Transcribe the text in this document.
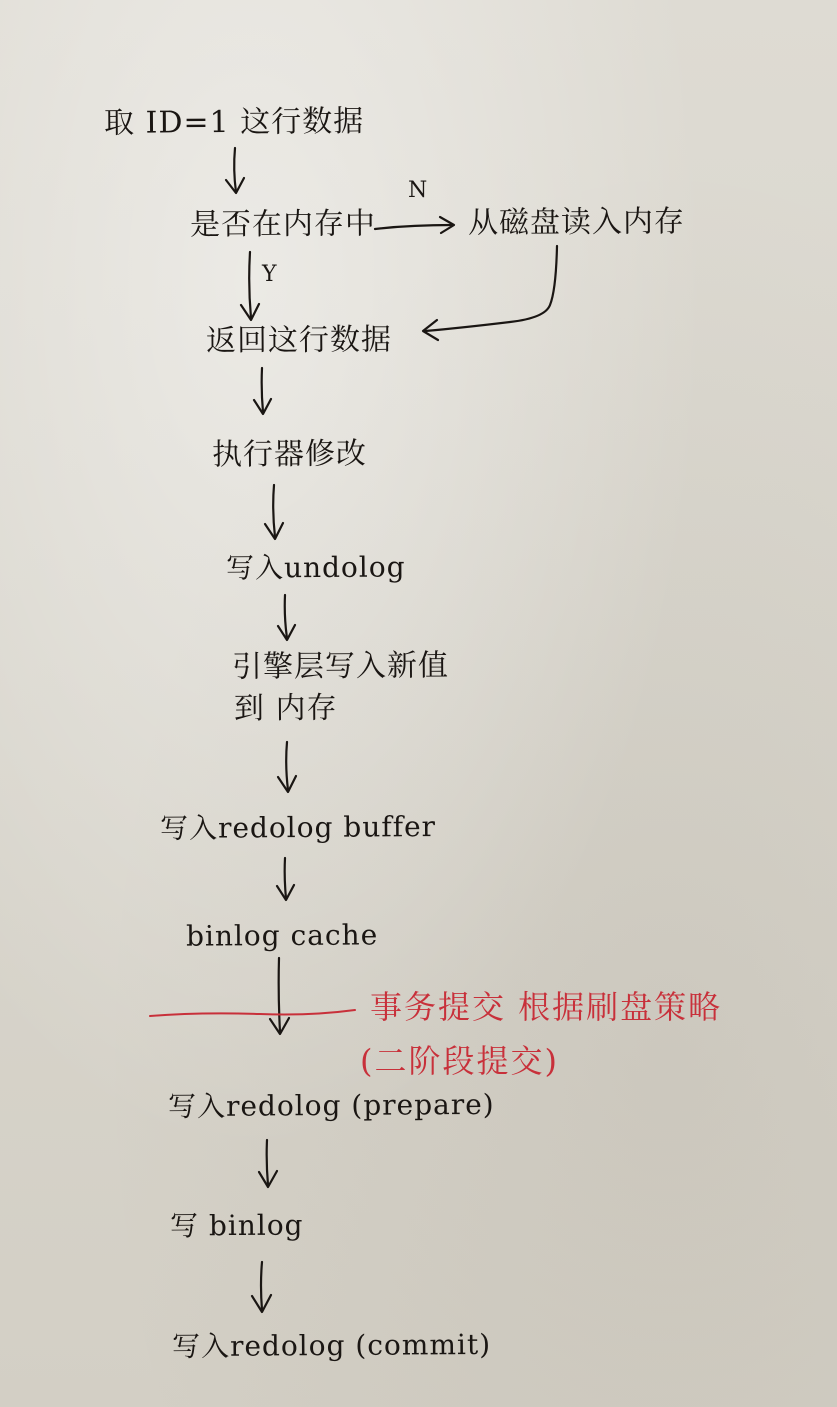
取 ID=1 这行数据
是否在内存中
N
从磁盘读入内存
Y
返回这行数据
执行器修改
写入undolog
引擎层写入新值
到 内存
写入redolog buffer
binlog cache
事务提交 根据刷盘策略
(二阶段提交)
写入redolog (prepare)
写 binlog
写入redolog (commit)
